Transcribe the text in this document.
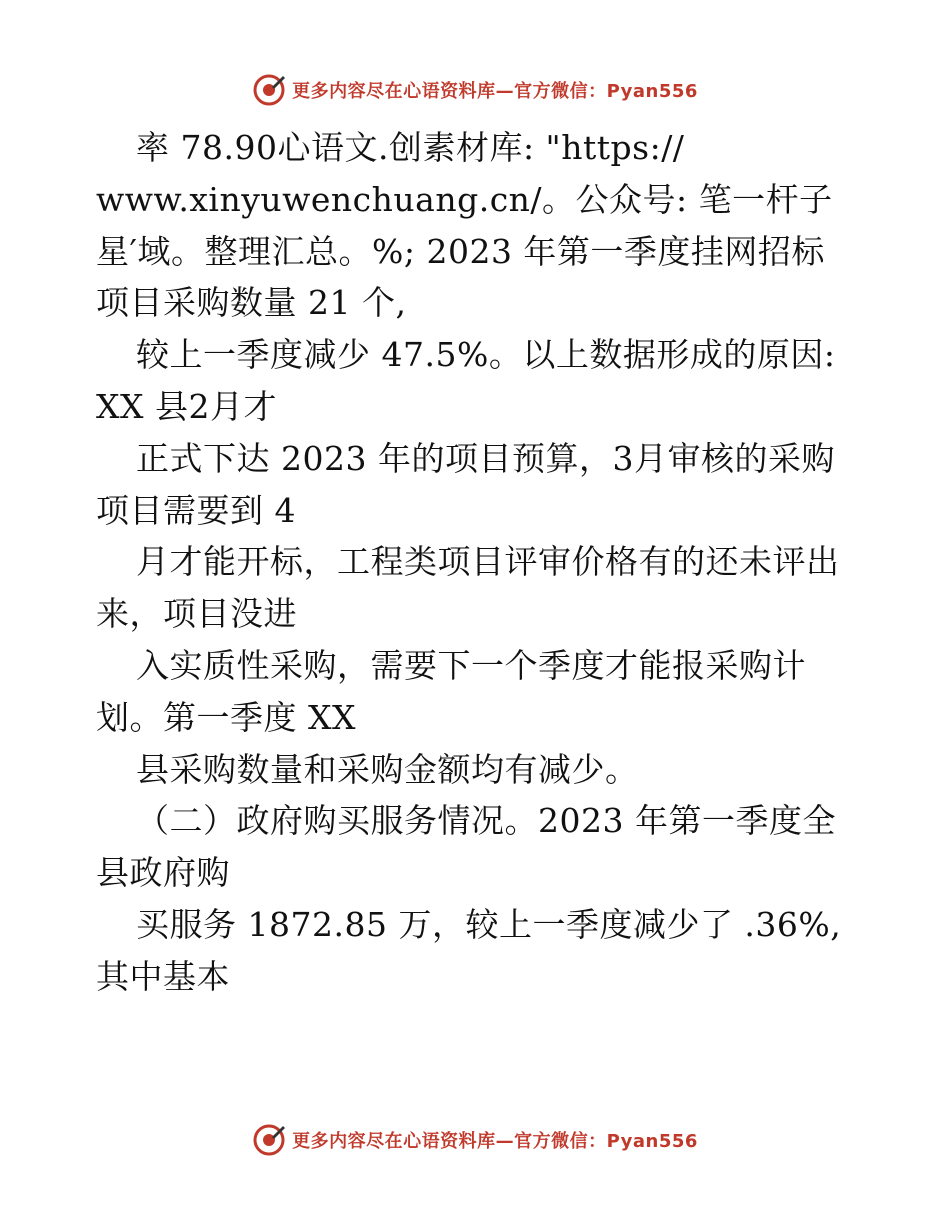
更多内容尽在心语资料库—官方微信：Pyan556
率 78.90心语文.创素材库: "https://
www.xinyuwenchuang.cn/。公众号: 笔一杆子
星′域。整理汇总。%; 2023 年第一季度挂网招标
项目采购数量 21 个,
较上一季度减少 47.5%。以上数据形成的原因:
XX 县2月才
正式下达 2023 年的项目预算，3月审核的采购
项目需要到 4
月才能开标，工程类项目评审价格有的还未评出
来，项目没进
入实质性采购，需要下一个季度才能报采购计
划。第一季度 XX
县采购数量和采购金额均有减少。
（二）政府购买服务情况。2023 年第一季度全
县政府购
买服务 1872.85 万，较上一季度减少了 .36%,
其中基本
更多内容尽在心语资料库—官方微信：Pyan556
